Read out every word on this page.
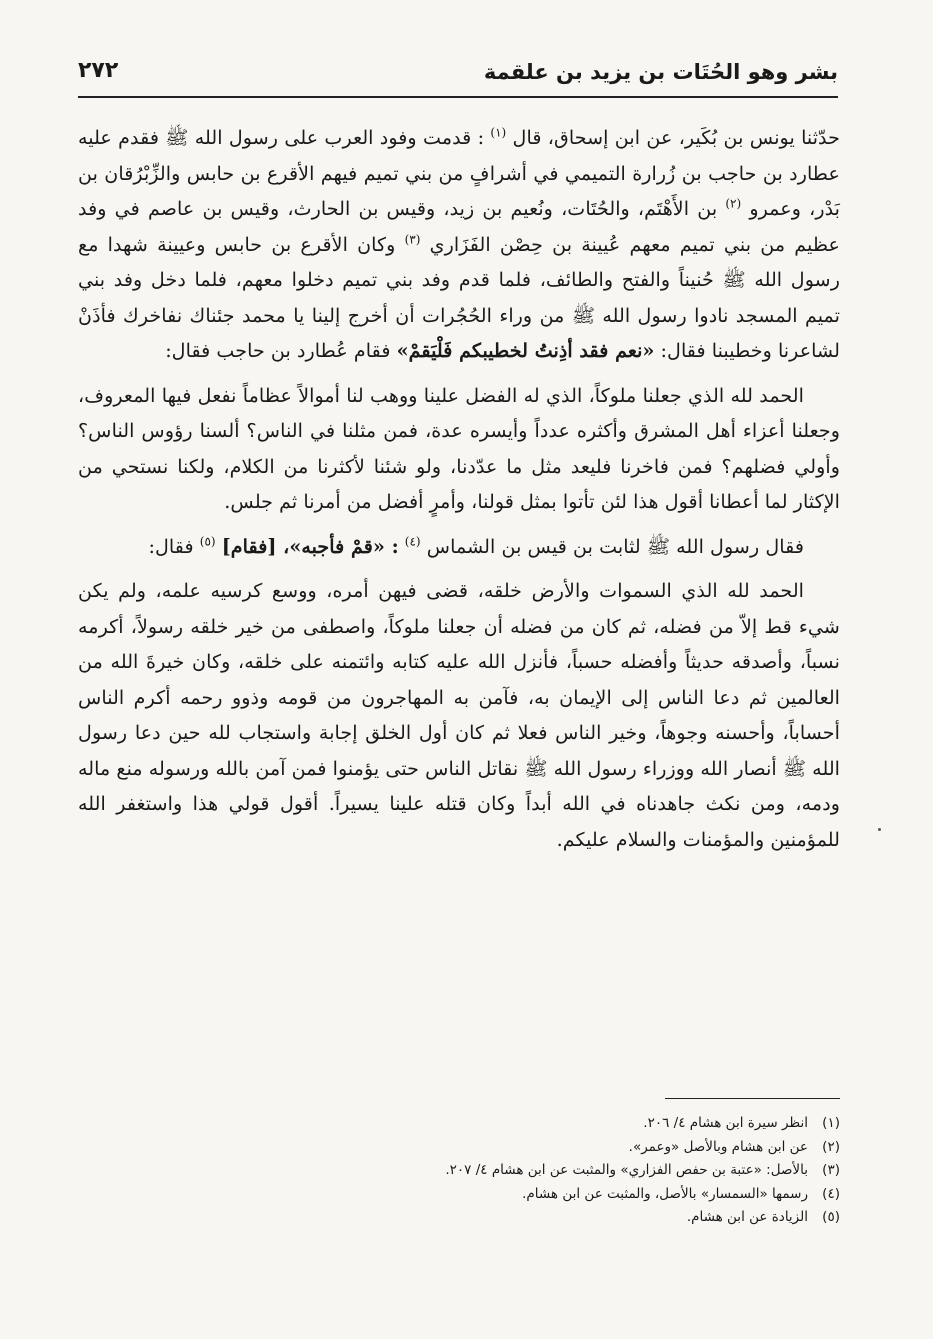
بشر وهو الحُتَات بن يزيد بن علقمة
٢٧٢

حدّثنا يونس بن بُكَير، عن ابن إسحاق، قال $^{(١)}$ : قدمت وفود العرب على رسول الله ﷺ فقدم عليه عطارد بن حاجب بن زُرارة التميمي في أشرافٍ من بني تميم فيهم الأقرع بن حابس والزِّبْرُقان بن بَدْر، وعمرو $^{(٢)}$ بن الأَهْتَم، والحُتَات، ونُعيم بن زيد، وقيس بن الحارث، وقيس بن عاصم في وفد عظيم من بني تميم معهم عُيينة بن حِصْن الفَزَاري $^{(٣)}$ وكان الأقرع بن حابس وعيينة شهدا مع رسول الله ﷺ حُنيناً والفتح والطائف، فلما قدم وفد بني تميم دخلوا معهم، فلما دخل وفد بني تميم المسجد نادوا رسول الله ﷺ من وراء الحُجُرات أن أخرج إلينا يا محمد جئناك نفاخرك فأذَنْ لشاعرنا وخطيبنا فقال: «نعم فقد أذِنتُ لخطيبكم فَلْيَقمْ» فقام عُطارد بن حاجب فقال:

الحمد لله الذي جعلنا ملوكاً، الذي له الفضل علينا ووهب لنا أموالاً عظاماً نفعل فيها المعروف، وجعلنا أعزاء أهل المشرق وأكثره عدداً وأيسره عدة، فمن مثلنا في الناس؟ ألسنا رؤوس الناس؟ وأولي فضلهم؟ فمن فاخرنا فليعد مثل ما عدّدنا، ولو شئنا لأكثرنا من الكلام، ولكنا نستحي من الإكثار لما أعطانا أقول هذا لئن تأتوا بمثل قولنا، وأمرٍ أفضل من أمرنا ثم جلس.

فقال رسول الله ﷺ لثابت بن قيس بن الشماس $^{(٤)}$ : «قمْ فأجبه»، [فقام] $^{(٥)}$ فقال:

الحمد لله الذي السموات والأرض خلقه، قضى فيهن أمره، ووسع كرسيه علمه، ولم يكن شيء قط إلاّ من فضله، ثم كان من فضله أن جعلنا ملوكاً، واصطفى من خير خلقه رسولاً، أكرمه نسباً، وأصدقه حديثاً وأفضله حسباً، فأنزل الله عليه كتابه وائتمنه على خلقه، وكان خيرةَ الله من العالمين ثم دعا الناس إلى الإيمان به، فآمن به المهاجرون من قومه وذوو رحمه أكرم الناس أحساباً، وأحسنه وجوهاً، وخير الناس فعلا ثم كان أول الخلق إجابة واستجاب لله حين دعا رسول الله ﷺ أنصار الله ووزراء رسول الله ﷺ نقاتل الناس حتى يؤمنوا فمن آمن بالله ورسوله منع ماله ودمه، ومن نكث جاهدناه في الله أبداً وكان قتله علينا يسيراً. أقول قولي هذا واستغفر الله للمؤمنين والمؤمنات والسلام عليكم.

(١)انظر سيرة ابن هشام ٤/ ٢٠٦.
(٢)عن ابن هشام وبالأصل «وعمر».
(٣)بالأصل: «عتبة بن حفص الفزاري» والمثبت عن ابن هشام ٤/ ٢٠٧.
(٤)رسمها «السمسار» بالأصل، والمثبت عن ابن هشام.
(٥)الزيادة عن ابن هشام.
